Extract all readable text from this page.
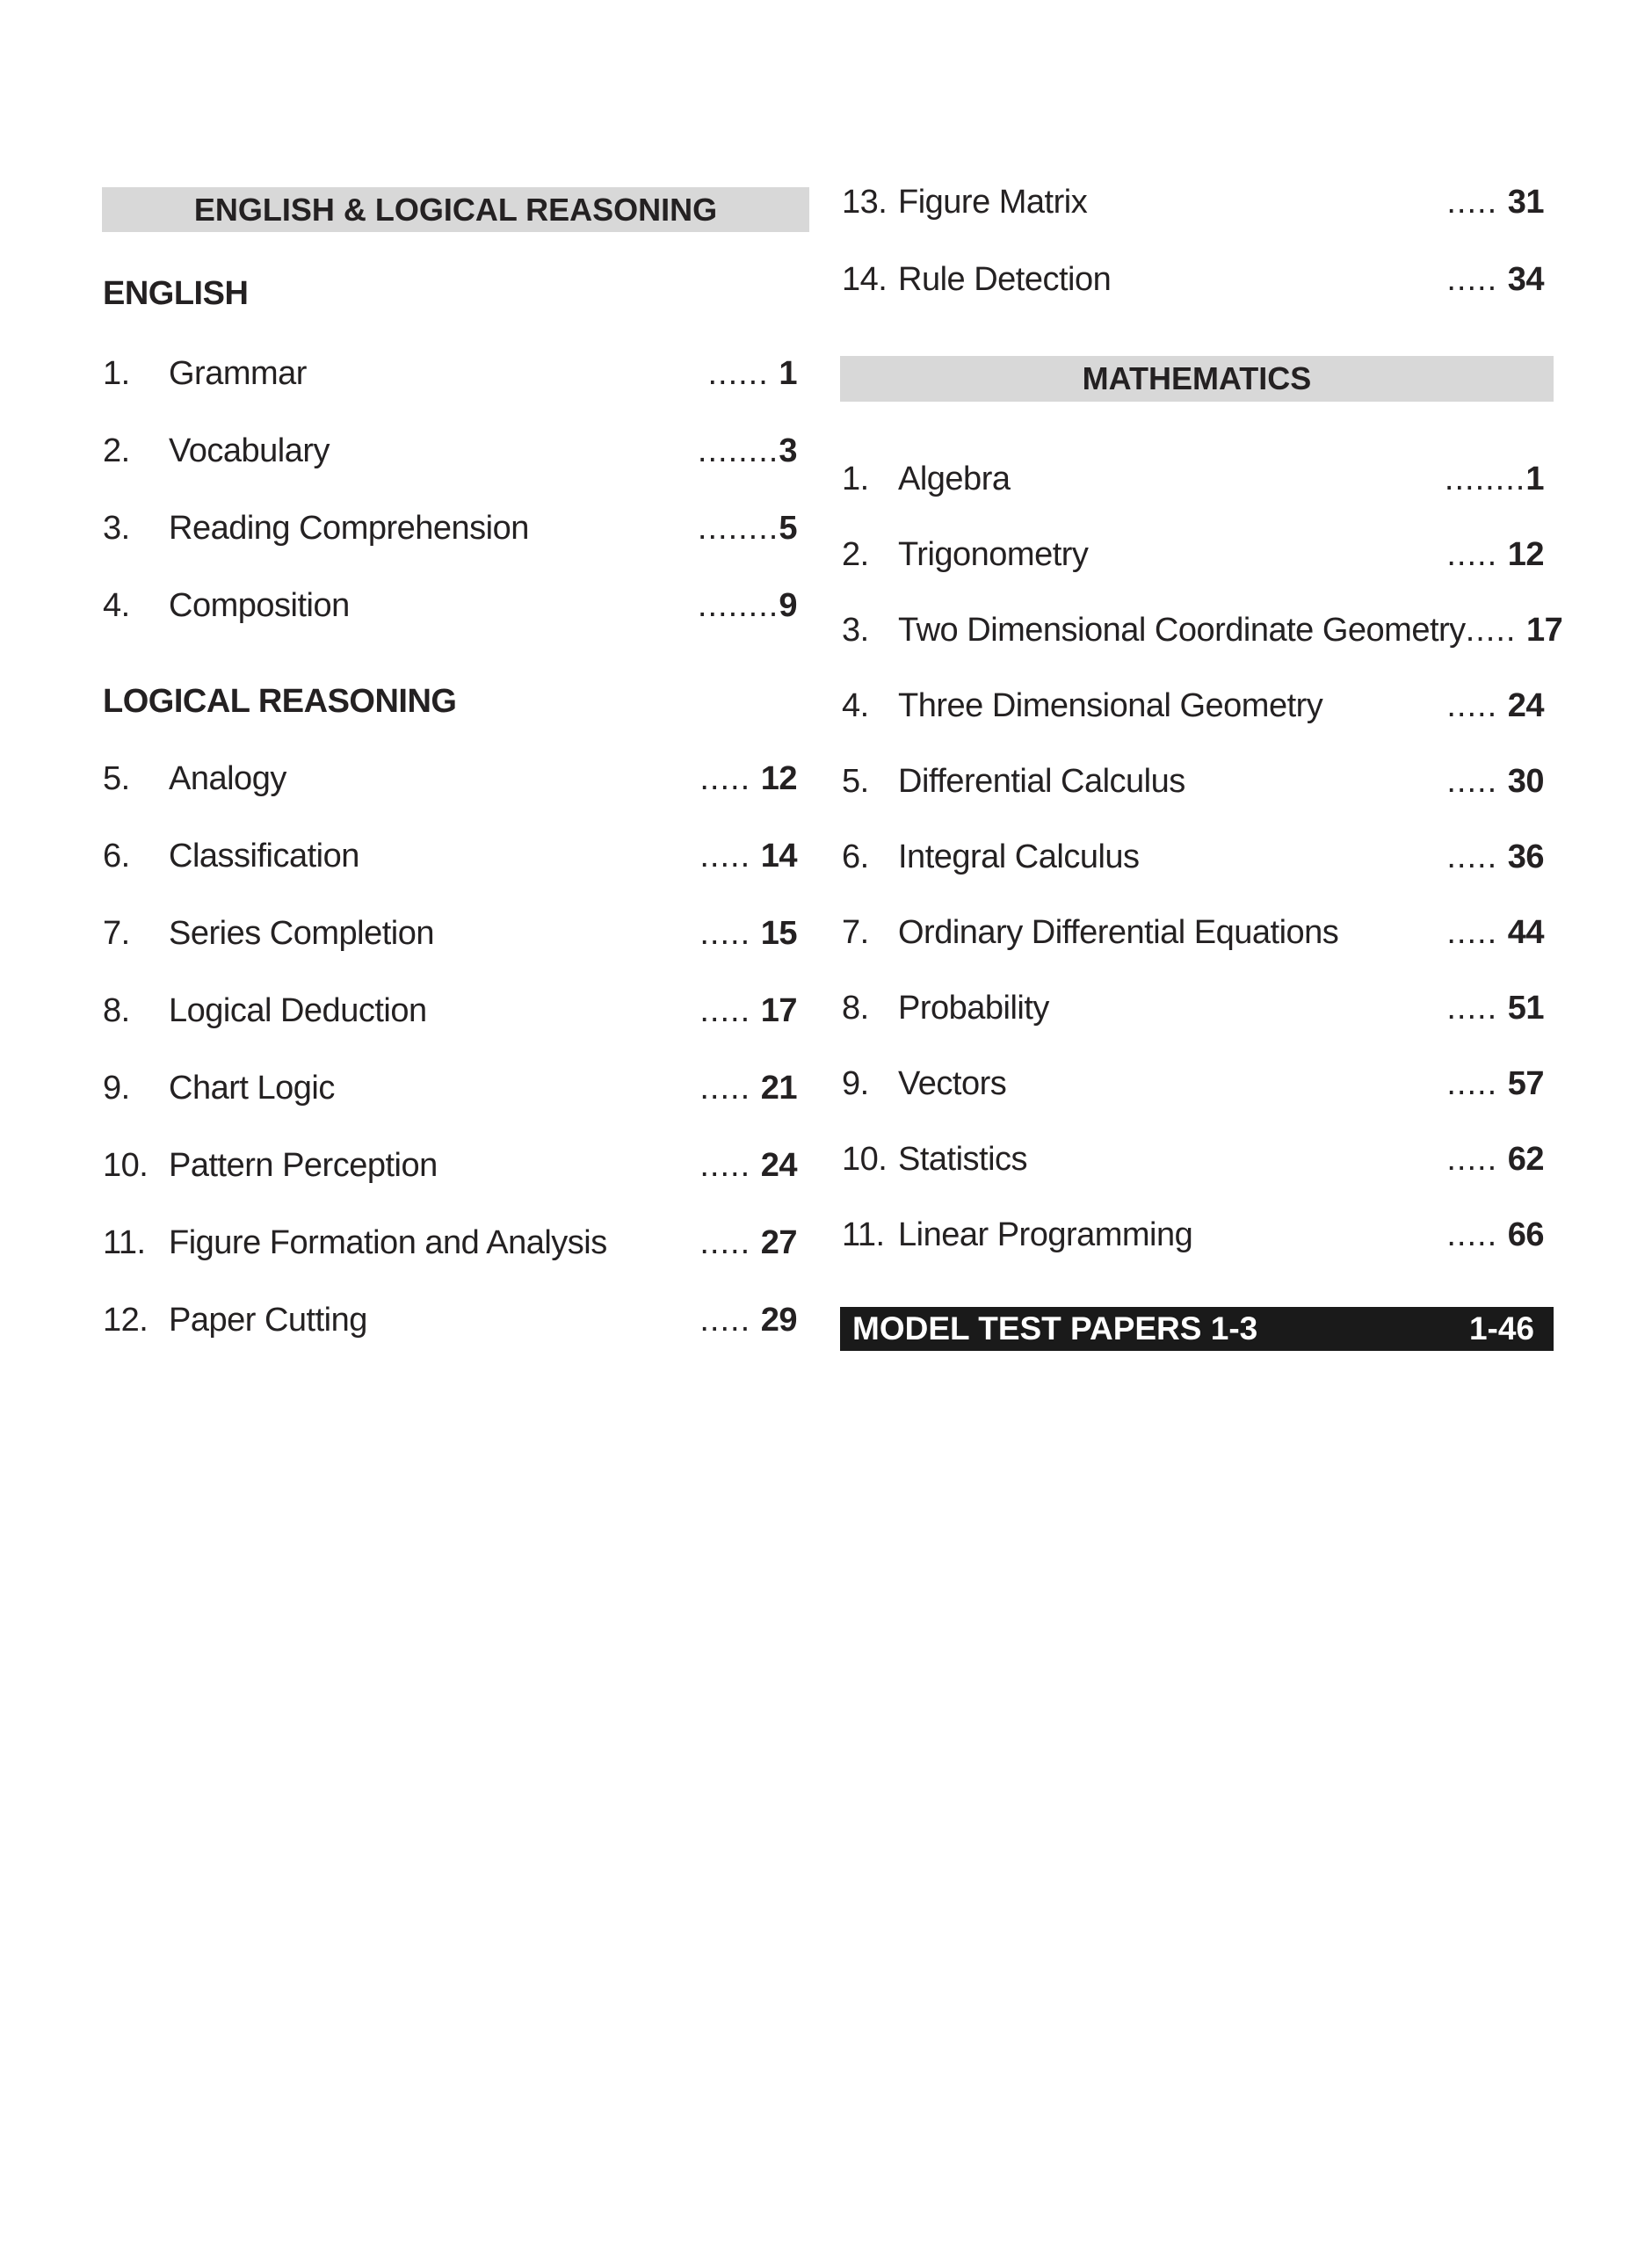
ENGLISH & LOGICAL REASONING
ENGLISH
1.	Grammar	...... 1
2.	Vocabulary	........ 3
3.	Reading Comprehension	........ 5
4.	Composition	........ 9
LOGICAL REASONING
5.	Analogy	..... 12
6.	Classification	..... 14
7.	Series Completion	..... 15
8.	Logical Deduction	..... 17
9.	Chart Logic	..... 21
10. Pattern Perception	..... 24
11. Figure Formation and Analysis	..... 27
12. Paper Cutting	..... 29
13. Figure Matrix	..... 31
14. Rule Detection	..... 34
MATHEMATICS
1. Algebra	........ 1
2. Trigonometry	..... 12
3. Two Dimensional Coordinate Geometry ..... 17
4. Three Dimensional Geometry	..... 24
5. Differential Calculus	..... 30
6. Integral Calculus	..... 36
7. Ordinary Differential Equations	..... 44
8. Probability	..... 51
9. Vectors	..... 57
10. Statistics	..... 62
11. Linear Programming	..... 66
MODEL TEST PAPERS 1-3	1-46
